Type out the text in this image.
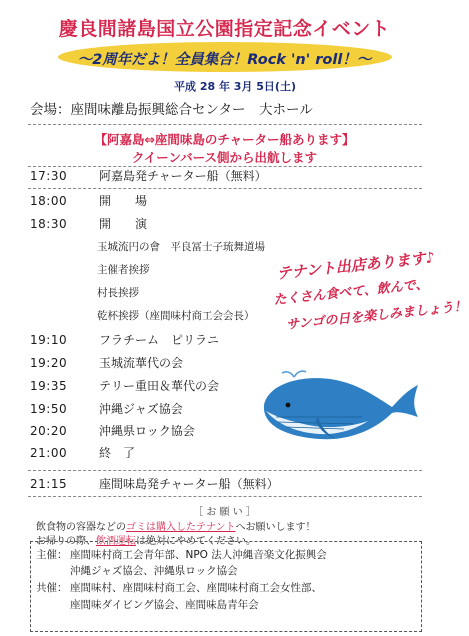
慶良間諸島国立公園指定記念イベント
〜2周年だよ！全員集合！Rock 'n' roll！〜
平成 28 年 3月 5日(土)
会場：座間味離島振興総合センター　大ホール
【阿嘉島⇔座間味島のチャーター船あります】
クイーンバース側から出航します
17:30	阿嘉島発チャーター船（無料）
18:00	開　　場
18:30	開　　演
玉城流円の會　平良冨士子琉舞道場
主催者挨拶
村長挨拶
乾杯挨拶（座間味村商工会会長）
19:10	フラチーム　ピリラニ
19:20	玉城流華代の会
19:35	テリー重田＆華代の会
19:50	沖縄ジャズ協会
20:20	沖縄県ロック協会
21:00	終　了
21:15	座間味島発チャーター船（無料）
テナント出店あります♪
たくさん食べて、飲んで、
サンゴの日を楽しみましょう！
［ お 願 い ］
飲食物の容器などのゴミは購入したテナントへお願いします！
お帰りの際、飲酒運転は絶対にやめてください。
主催： 座間味村商工会青年部、NPO 法人沖縄音楽文化振興会
沖縄ジャズ協会、沖縄県ロック協会
共催： 座間味村、座間味村商工会、座間味村商工会女性部、
座間味ダイビング協会、座間味島青年会
